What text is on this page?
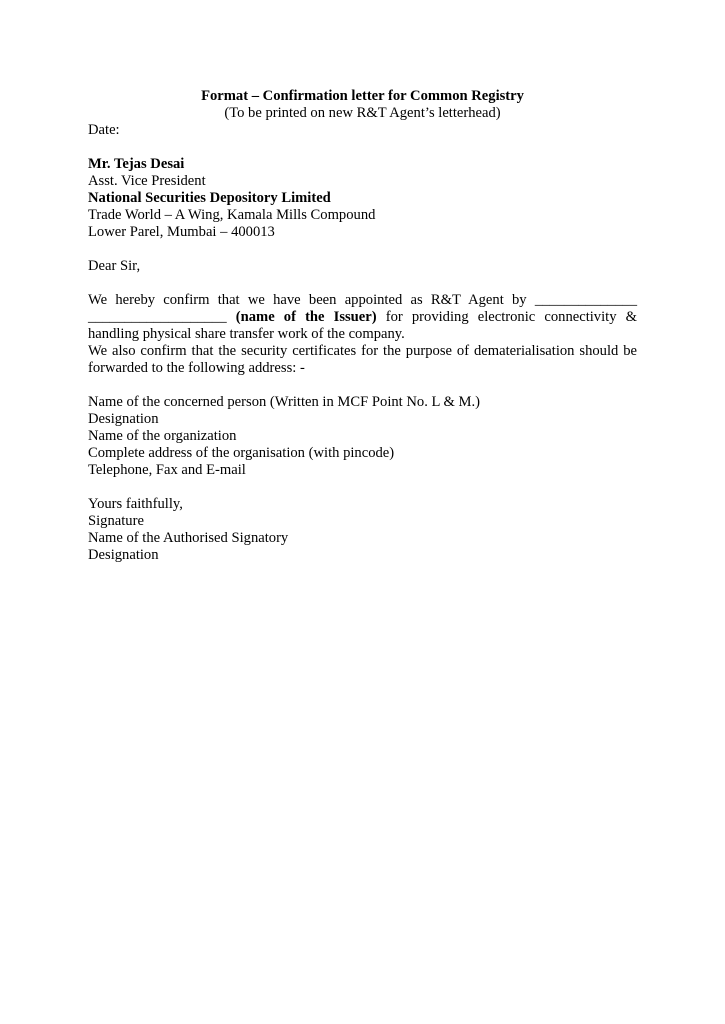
Format – Confirmation letter for Common Registry

(To be printed on new R&T Agent’s letterhead)

Date:

Mr. Tejas Desai

Asst. Vice President

National Securities Depository Limited

Trade World – A Wing, Kamala Mills Compound

Lower Parel, Mumbai – 400013

Dear Sir,

We hereby confirm that we have been appointed as R&T Agent by ______________ ___________________ (name of the Issuer) for providing electronic connectivity & handling physical share transfer work of the company.

We also confirm that the security certificates for the purpose of dematerialisation should be forwarded to the following address: -

Name of the concerned person (Written in MCF Point No. L & M.)

Designation

Name of the organization

Complete address of the organisation (with pincode)

Telephone, Fax and E-mail

Yours faithfully,

Signature

Name of the Authorised Signatory

Designation
